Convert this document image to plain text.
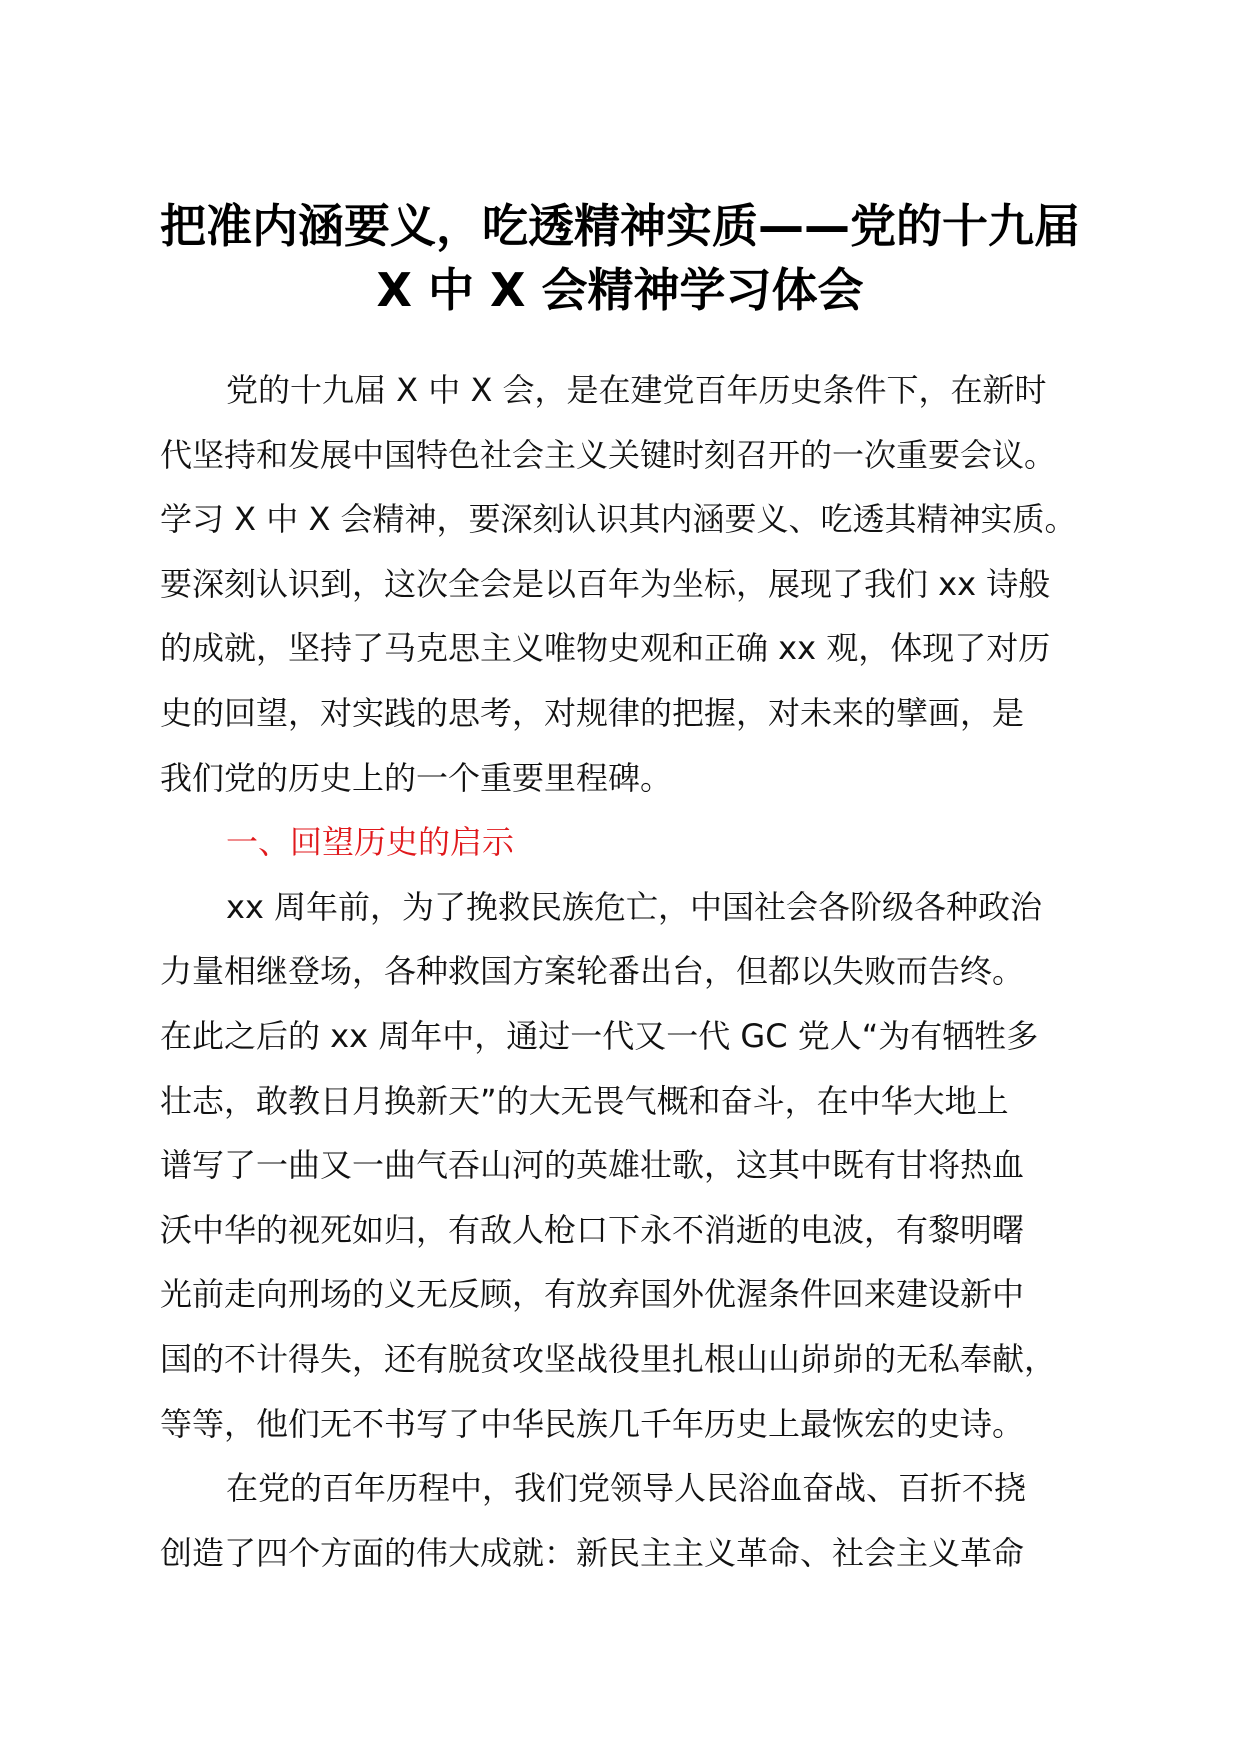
把准内涵要义，吃透精神实质——党的十九届
X 中 X 会精神学习体会
党的十九届 X 中 X 会，是在建党百年历史条件下，在新时
代坚持和发展中国特色社会主义关键时刻召开的一次重要会议。
学习 X 中 X 会精神，要深刻认识其内涵要义、吃透其精神实质。
要深刻认识到，这次全会是以百年为坐标，展现了我们 xx 诗般
的成就，坚持了马克思主义唯物史观和正确 xx 观，体现了对历
史的回望，对实践的思考，对规律的把握，对未来的擘画，是
我们党的历史上的一个重要里程碑。
一、回望历史的启示
xx 周年前，为了挽救民族危亡，中国社会各阶级各种政治
力量相继登场，各种救国方案轮番出台，但都以失败而告终。
在此之后的 xx 周年中，通过一代又一代 GC 党人“为有牺牲多
壮志，敢教日月换新天”的大无畏气概和奋斗，在中华大地上
谱写了一曲又一曲气吞山河的英雄壮歌，这其中既有甘将热血
沃中华的视死如归，有敌人枪口下永不消逝的电波，有黎明曙
光前走向刑场的义无反顾，有放弃国外优渥条件回来建设新中
国的不计得失，还有脱贫攻坚战役里扎根山山峁峁的无私奉献，
等等，他们无不书写了中华民族几千年历史上最恢宏的史诗。
在党的百年历程中，我们党领导人民浴血奋战、百折不挠
创造了四个方面的伟大成就：新民主主义革命、社会主义革命
